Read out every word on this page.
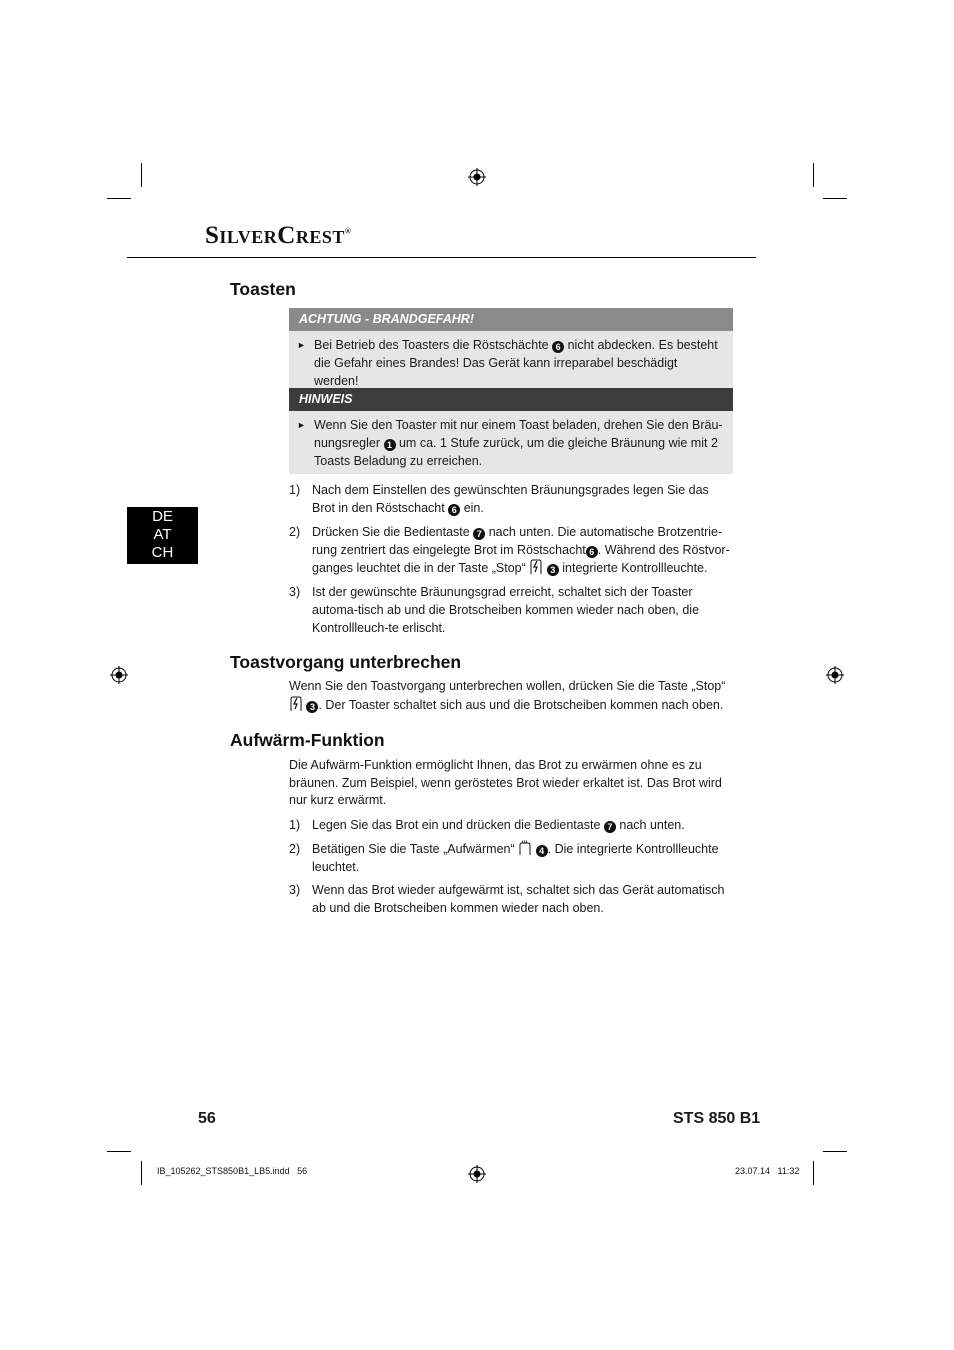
SilverCrest®
Toasten
ACHTUNG - BRANDGEFAHR!
► Bei Betrieb des Toasters die Röstschächte 6 nicht abdecken. Es besteht die Gefahr eines Brandes! Das Gerät kann irreparabel beschädigt werden!
HINWEIS
► Wenn Sie den Toaster mit nur einem Toast beladen, drehen Sie den Bräu-nungsregler 1 um ca. 1 Stufe zurück, um die gleiche Bräunung wie mit 2 Toasts Beladung zu erreichen.
1) Nach dem Einstellen des gewünschten Bräunungsgrades legen Sie das Brot in den Röstschacht 6 ein.
2) Drücken Sie die Bedientaste 7 nach unten. Die automatische Brotzentrie-rung zentriert das eingelegte Brot im Röstschacht 6 . Während des Röstvor-ganges leuchtet die in der Taste „Stop“	3 integrierte Kontrollleuchte.
3) Ist der gewünschte Bräunungsgrad erreicht, schaltet sich der Toaster automa-tisch ab und die Brotscheiben kommen wieder nach oben, die Kontrollleuch-te erlischt.
Toastvorgang unterbrechen
Wenn Sie den Toastvorgang unterbrechen wollen, drücken Sie die Taste „Stop“  3 . Der Toaster schaltet sich aus und die Brotscheiben kommen nach oben.
Aufwärm-Funktion
Die Aufwärm-Funktion ermöglicht Ihnen, das Brot zu erwärmen ohne es zu bräunen. Zum Beispiel, wenn geröstetes Brot wieder erkaltet ist. Das Brot wird nur kurz erwärmt.
1) Legen Sie das Brot ein und drücken die Bedientaste 7 nach unten.
2) Betätigen Sie die Taste „Aufwärmen“	4 . Die integrierte Kontrollleuchte leuchtet.
3) Wenn das Brot wieder aufgewärmt ist, schaltet sich das Gerät automatisch ab und die Brotscheiben kommen wieder nach oben.
DE
AT
CH
56	STS 850 B1
IB_105262_STS850B1_LB5.indd   56	23.07.14   11:32
